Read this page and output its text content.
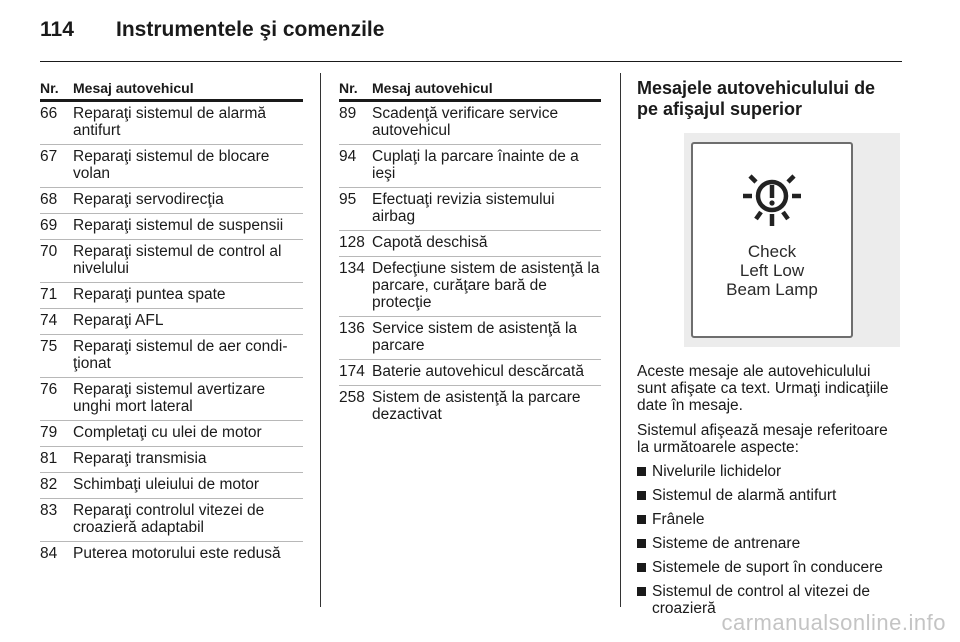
114 Instrumentele şi comenzile
Nr.	Mesaj autovehicul
66	Reparaţi sistemul de alarmă antifurt
67	Reparaţi sistemul de blocare volan
68	Reparaţi servodirecţia
69	Reparaţi sistemul de suspensii
70	Reparaţi sistemul de control al nivelului
71	Reparaţi puntea spate
74	Reparaţi AFL
75	Reparaţi sistemul de aer condiţionat
76	Reparaţi sistemul avertizare unghi mort lateral
79	Completaţi cu ulei de motor
81	Reparaţi transmisia
82	Schimbaţi uleiului de motor
83	Reparaţi controlul vitezei de croazieră adaptabil
84	Puterea motorului este redusă
Nr.	Mesaj autovehicul
89	Scadenţă verificare service autovehicul
94	Cuplaţi la parcare înainte de a ieşi
95	Efectuaţi revizia sistemului airbag
128 Capotă deschisă
134 Defecţiune sistem de asistenţă la parcare, curăţare bară de protecţie
136 Service sistem de asistenţă la parcare
174 Baterie autovehicul descărcată
258 Sistem de asistenţă la parcare dezactivat
Mesajele autovehiculului de pe afişajul superior
Check
Left Low
Beam Lamp
Aceste mesaje ale autovehiculului sunt afişate ca text. Urmaţi indicaţiile date în mesaje.
Sistemul afişează mesaje referitoare la următoarele aspecte:
Nivelurile lichidelor
Sistemul de alarmă antifurt
Frânele
Sisteme de antrenare
Sistemele de suport în conducere
Sistemul de control al vitezei de croazieră
carmanualsonline.info
